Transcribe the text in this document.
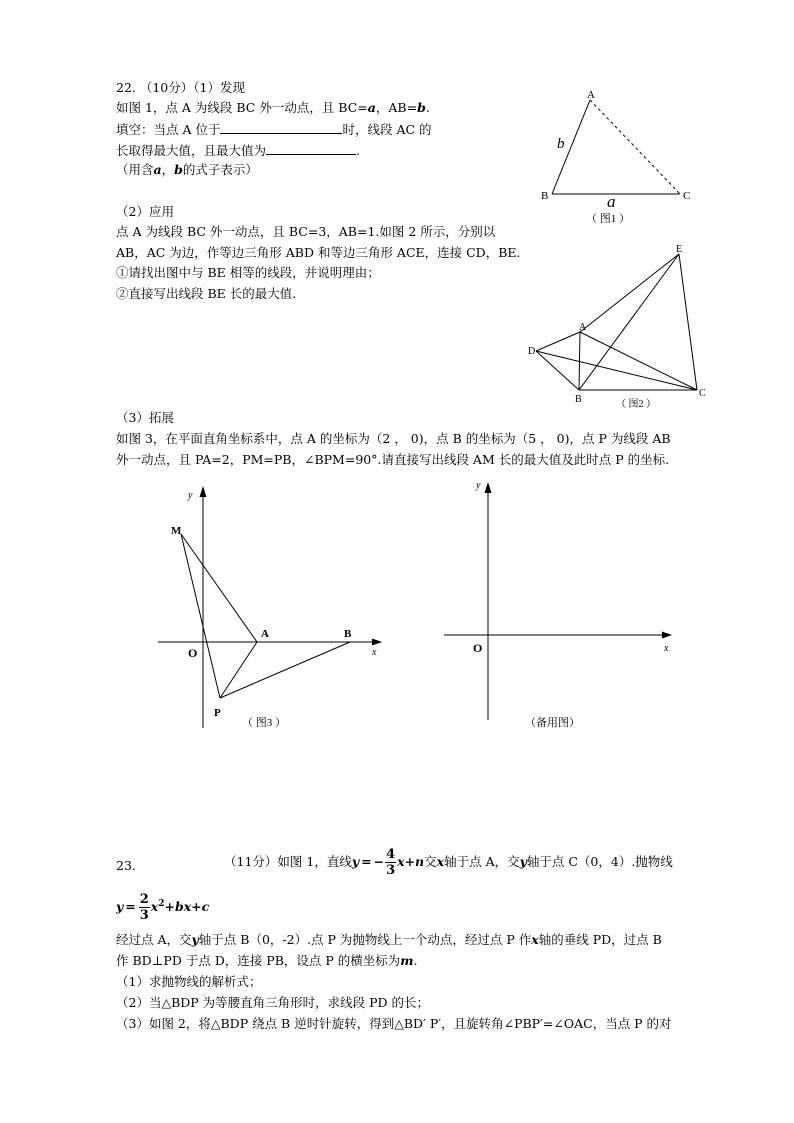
22. （10分）（1）发现
如图 1，点 A 为线段 BC 外一动点，且 BC=a，AB=b.
填空：当点 A 位于	时，线段 AC 的
长取得最大值，且最大值为	.
（用含a，b的式子表示）
（2）应用
点 A 为线段 BC 外一动点，且 BC=3，AB=1.如图 2 所示，分别以
AB，AC 为边，作等边三角形 ABD 和等边三角形 ACE，连接 CD，BE.
①请找出图中与 BE 相等的线段，并说明理由；
②直接写出线段 BE 长的最大值.
（3）拓展
如图 3，在平面直角坐标系中，点 A 的坐标为（2 ， 0)，点 B 的坐标为（5 ， 0)，点 P 为线段 AB
外一动点，且 PA=2，PM=PB，∠BPM=90°.请直接写出线段 AM 长的最大值及此时点 P 的坐标.
A
B	C
b
a
（ 图1 ）
E
A
D
B
C
（ 图2 ）
y
x
O
M
A	B
P
（ 图3 ）
y
x
O
（备用图）
23.	（11分）如图 1，直线y = − $\frac{4}{3} x+n$交x轴于点 A，交y轴于点 C（0，4）.抛物线
$y = \frac{2}{3} x^2+bx+c$
经过点 A，交y轴于点 B（0，-2）.点 P 为抛物线上一个动点，经过点 P 作x轴的垂线 PD，过点 B
作 BD⊥PD 于点 D，连接 PB，设点 P 的横坐标为m.
（1）求抛物线的解析式；
（2）当△BDP 为等腰直角三角形时，求线段 PD 的长；
（3）如图 2，将△BDP 绕点 B 逆时针旋转，得到△BD′ P′，且旋转角∠PBP′=∠OAC，当点 P 的对
